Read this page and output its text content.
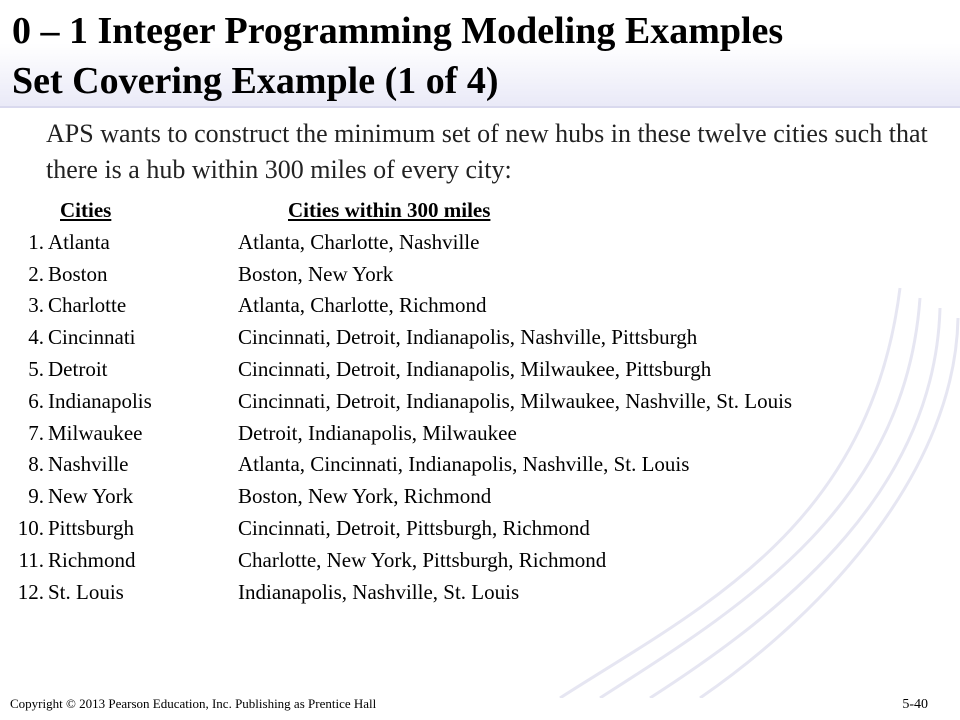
0 – 1 Integer Programming Modeling Examples
Set Covering Example (1 of 4)
APS wants to construct the minimum set of new hubs in these twelve cities such that there is a hub within 300 miles of every city:
Cities	Cities within 300 miles
1. Atlanta	Atlanta, Charlotte, Nashville
2. Boston	Boston, New York
3. Charlotte	Atlanta, Charlotte, Richmond
4. Cincinnati	Cincinnati, Detroit, Indianapolis, Nashville, Pittsburgh
5. Detroit	Cincinnati, Detroit, Indianapolis, Milwaukee, Pittsburgh
6. Indianapolis	Cincinnati, Detroit, Indianapolis, Milwaukee, Nashville, St. Louis
7. Milwaukee	Detroit, Indianapolis, Milwaukee
8. Nashville	Atlanta, Cincinnati, Indianapolis, Nashville, St. Louis
9. New York	Boston, New York, Richmond
10. Pittsburgh	Cincinnati, Detroit, Pittsburgh, Richmond
11. Richmond	Charlotte, New York, Pittsburgh, Richmond
12. St. Louis	Indianapolis, Nashville, St. Louis
Copyright © 2013 Pearson Education, Inc. Publishing as Prentice Hall	5-40
